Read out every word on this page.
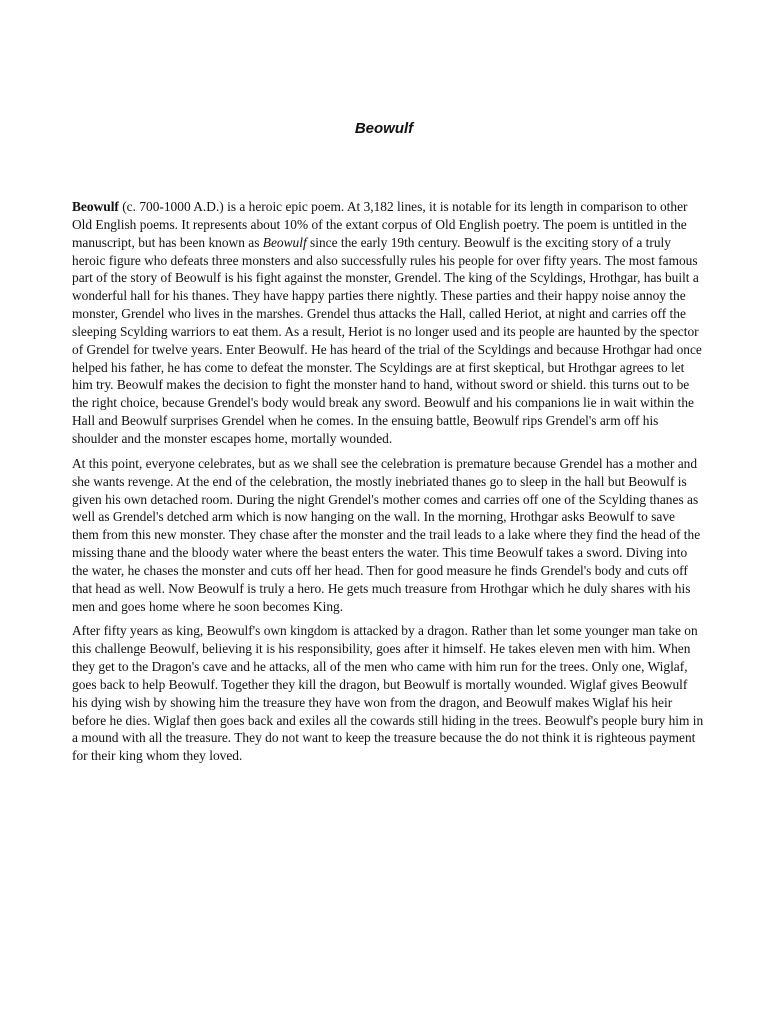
Beowulf

Beowulf (c. 700-1000 A.D.) is a heroic epic poem. At 3,182 lines, it is notable for its length in comparison to other Old English poems. It represents about 10% of the extant corpus of Old English poetry. The poem is untitled in the manuscript, but has been known as Beowulf since the early 19th century. Beowulf is the exciting story of a truly heroic figure who defeats three monsters and also successfully rules his people for over fifty years. The most famous part of the story of Beowulf is his fight against the monster, Grendel. The king of the Scyldings, Hrothgar, has built a wonderful hall for his thanes. They have happy parties there nightly. These parties and their happy noise annoy the monster, Grendel who lives in the marshes. Grendel thus attacks the Hall, called Heriot, at night and carries off the sleeping Scylding warriors to eat them. As a result, Heriot is no longer used and its people are haunted by the spector of Grendel for twelve years. Enter Beowulf. He has heard of the trial of the Scyldings and because Hrothgar had once helped his father, he has come to defeat the monster. The Scyldings are at first skeptical, but Hrothgar agrees to let him try. Beowulf makes the decision to fight the monster hand to hand, without sword or shield. this turns out to be the right choice, because Grendel's body would break any sword. Beowulf and his companions lie in wait within the Hall and Beowulf surprises Grendel when he comes. In the ensuing battle, Beowulf rips Grendel's arm off his shoulder and the monster escapes home, mortally wounded.

At this point, everyone celebrates, but as we shall see the celebration is premature because Grendel has a mother and she wants revenge. At the end of the celebration, the mostly inebriated thanes go to sleep in the hall but Beowulf is given his own detached room. During the night Grendel's mother comes and carries off one of the Scylding thanes as well as Grendel's detched arm which is now hanging on the wall. In the morning, Hrothgar asks Beowulf to save them from this new monster. They chase after the monster and the trail leads to a lake where they find the head of the missing thane and the bloody water where the beast enters the water. This time Beowulf takes a sword. Diving into the water, he chases the monster and cuts off her head. Then for good measure he finds Grendel's body and cuts off that head as well. Now Beowulf is truly a hero. He gets much treasure from Hrothgar which he duly shares with his men and goes home where he soon becomes King.

After fifty years as king, Beowulf's own kingdom is attacked by a dragon. Rather than let some younger man take on this challenge Beowulf, believing it is his responsibility, goes after it himself. He takes eleven men with him. When they get to the Dragon's cave and he attacks, all of the men who came with him run for the trees. Only one, Wiglaf, goes back to help Beowulf. Together they kill the dragon, but Beowulf is mortally wounded. Wiglaf gives Beowulf his dying wish by showing him the treasure they have won from the dragon, and Beowulf makes Wiglaf his heir before he dies. Wiglaf then goes back and exiles all the cowards still hiding in the trees. Beowulf's people bury him in a mound with all the treasure. They do not want to keep the treasure because the do not think it is righteous payment for their king whom they loved.
